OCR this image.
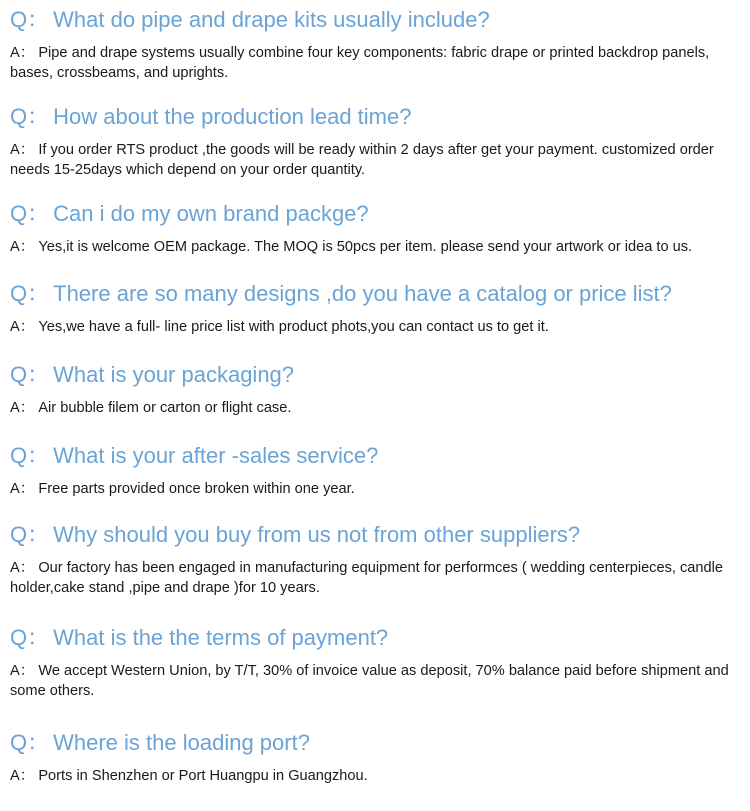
Q： What do pipe and drape kits usually include?
A： Pipe and drape systems usually combine four key components: fabric drape or printed backdrop panels, bases, crossbeams, and uprights.
Q： How about the production lead time?
A： If you order RTS product ,the goods will be ready within 2 days after get your payment. customized order needs 15-25days which depend on your order quantity.
Q： Can i do my own brand packge?
A： Yes,it is welcome OEM package. The MOQ is 50pcs per item. please send your artwork or idea to us.
Q： There are so many designs ,do you have a catalog or price list?
A： Yes,we have a full- line price list with product phots,you can contact us to get it.
Q： What is your packaging?
A： Air bubble filem or carton or flight case.
Q： What is your after -sales service?
A： Free parts provided once broken within one year.
Q： Why should you buy from us not from other suppliers?
A： Our factory has been engaged in manufacturing equipment for performces ( wedding centerpieces, candle holder,cake stand ,pipe and drape )for 10 years.
Q： What is the the terms of payment?
A： We accept Western Union, by T/T, 30% of invoice value as deposit, 70% balance paid before shipment and some others.
Q： Where is the loading port?
A： Ports in Shenzhen or Port Huangpu in Guangzhou.
